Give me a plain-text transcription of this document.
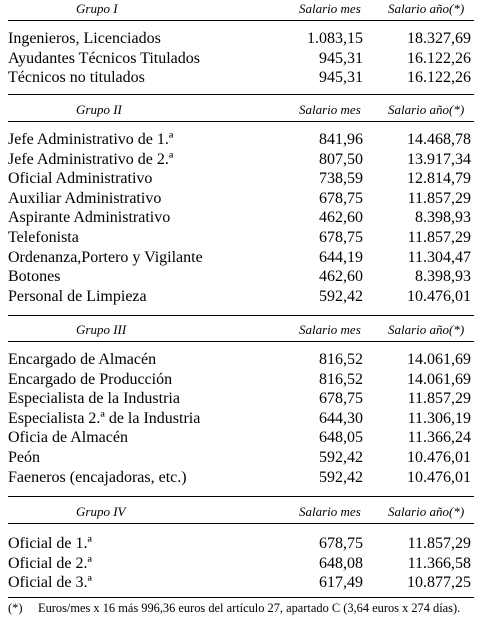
Grupo I	Salario mes Salario año(*)
Ingenieros, Licenciados	1.083,15	18.327,69
Ayudantes Técnicos Titulados	945,31	16.122,26
Técnicos no titulados	945,31	16.122,26
Grupo II	Salario mes Salario año(*)
Jefe Administrativo de 1.ª	841,96	14.468,78
Jefe Administrativo de 2.ª	807,50	13.917,34
Oficial Administrativo	738,59	12.814,79
Auxiliar Administrativo	678,75	11.857,29
Aspirante Administrativo	462,60	8.398,93
Telefonista	678,75	11.857,29
Ordenanza,Portero y Vigilante	644,19	11.304,47
Botones	462,60	8.398,93
Personal de Limpieza	592,42	10.476,01
Grupo III	Salario mes Salario año(*)
Encargado de Almacén	816,52	14.061,69
Encargado de Producción	816,52	14.061,69
Especialista de la Industria	678,75	11.857,29
Especialista 2.ª de la Industria	644,30	11.306,19
Oficia de Almacén	648,05	11.366,24
Peón	592,42	10.476,01
Faeneros (encajadoras, etc.)	592,42	10.476,01
Grupo IV	Salario mes Salario año(*)
Oficial de 1.ª	678,75	11.857,29
Oficial de 2.ª	648,08	11.366,58
Oficial de 3.ª	617,49	10.877,25
(*)	Euros/mes x 16 más 996,36 euros del artículo 27, apartado C (3,64 euros x 274 días).
